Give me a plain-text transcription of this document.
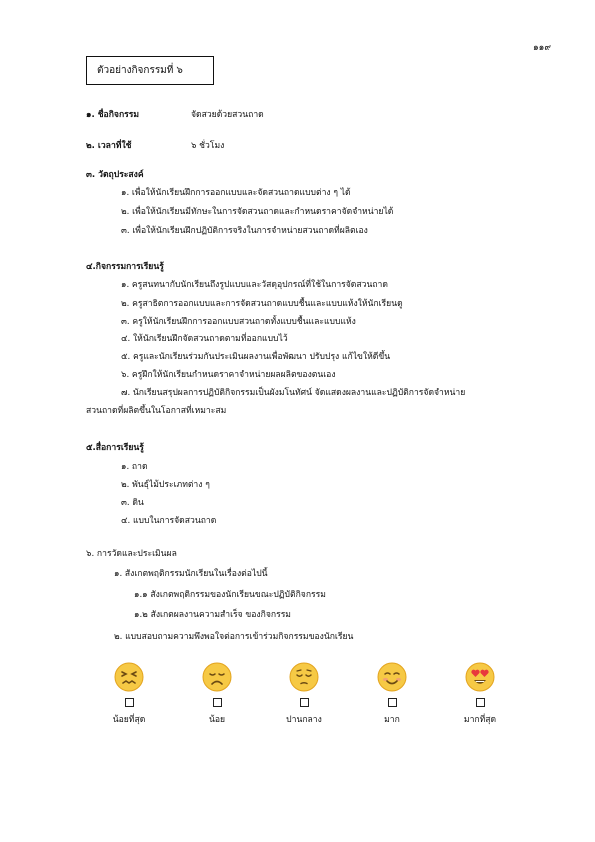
๑๑๙
ตัวอย่างกิจกรรมที่ ๖
๑. ชื่อกิจกรรม	จัดสวยด้วยสวนถาด
๒. เวลาที่ใช้	๖ ชั่วโมง
๓. วัตถุประสงค์
๑. เพื่อให้นักเรียนฝึกการออกแบบและจัดสวนถาดแบบต่าง ๆ ได้
๒. เพื่อให้นักเรียนมีทักษะในการจัดสวนถาดและกำหนดราคาจัดจำหน่ายได้
๓. เพื่อให้นักเรียนฝึกปฏิบัติการจริงในการจำหน่ายสวนถาดที่ผลิตเอง
๔.กิจกรรมการเรียนรู้
๑. ครูสนทนากับนักเรียนถึงรูปแบบและวัสดุอุปกรณ์ที่ใช้ในการจัดสวนถาด
๒. ครูสาธิตการออกแบบและการจัดสวนถาดแบบชื้นและแบบแห้งให้นักเรียนดู
๓. ครูให้นักเรียนฝึกการออกแบบสวนถาดทั้งแบบชื้นและแบบแห้ง
๔. ให้นักเรียนฝึกจัดสวนถาดตามที่ออกแบบไว้
๕. ครูและนักเรียนร่วมกันประเมินผลงานเพื่อพัฒนา ปรับปรุง แก้ไขให้ดีขึ้น
๖. ครูฝึกให้นักเรียนกำหนดราคาจำหน่ายผลผลิตของตนเอง
๗. นักเรียนสรุปผลการปฏิบัติกิจกรรมเป็นผังมโนทัศน์ จัดแสดงผลงานและปฏิบัติการจัดจำหน่าย
สวนถาดที่ผลิตขึ้นในโอกาสที่เหมาะสม
๕.สื่อการเรียนรู้
๑. ถาด
๒. พันธุ์ไม้ประเภทต่าง ๆ
๓. ดิน
๔. แบบในการจัดสวนถาด
๖. การวัดและประเมินผล
๑. สังเกตพฤติกรรมนักเรียนในเรื่องต่อไปนี้
๑.๑ สังเกตพฤติกรรมของนักเรียนขณะปฏิบัติกิจกรรม
๑.๒ สังเกตผลงานความสำเร็จ ของกิจกรรม
๒. แบบสอบถามความพึงพอใจต่อการเข้าร่วมกิจกรรมของนักเรียน
น้อยที่สุด	น้อย	ปานกลาง	มาก	มากที่สุด
